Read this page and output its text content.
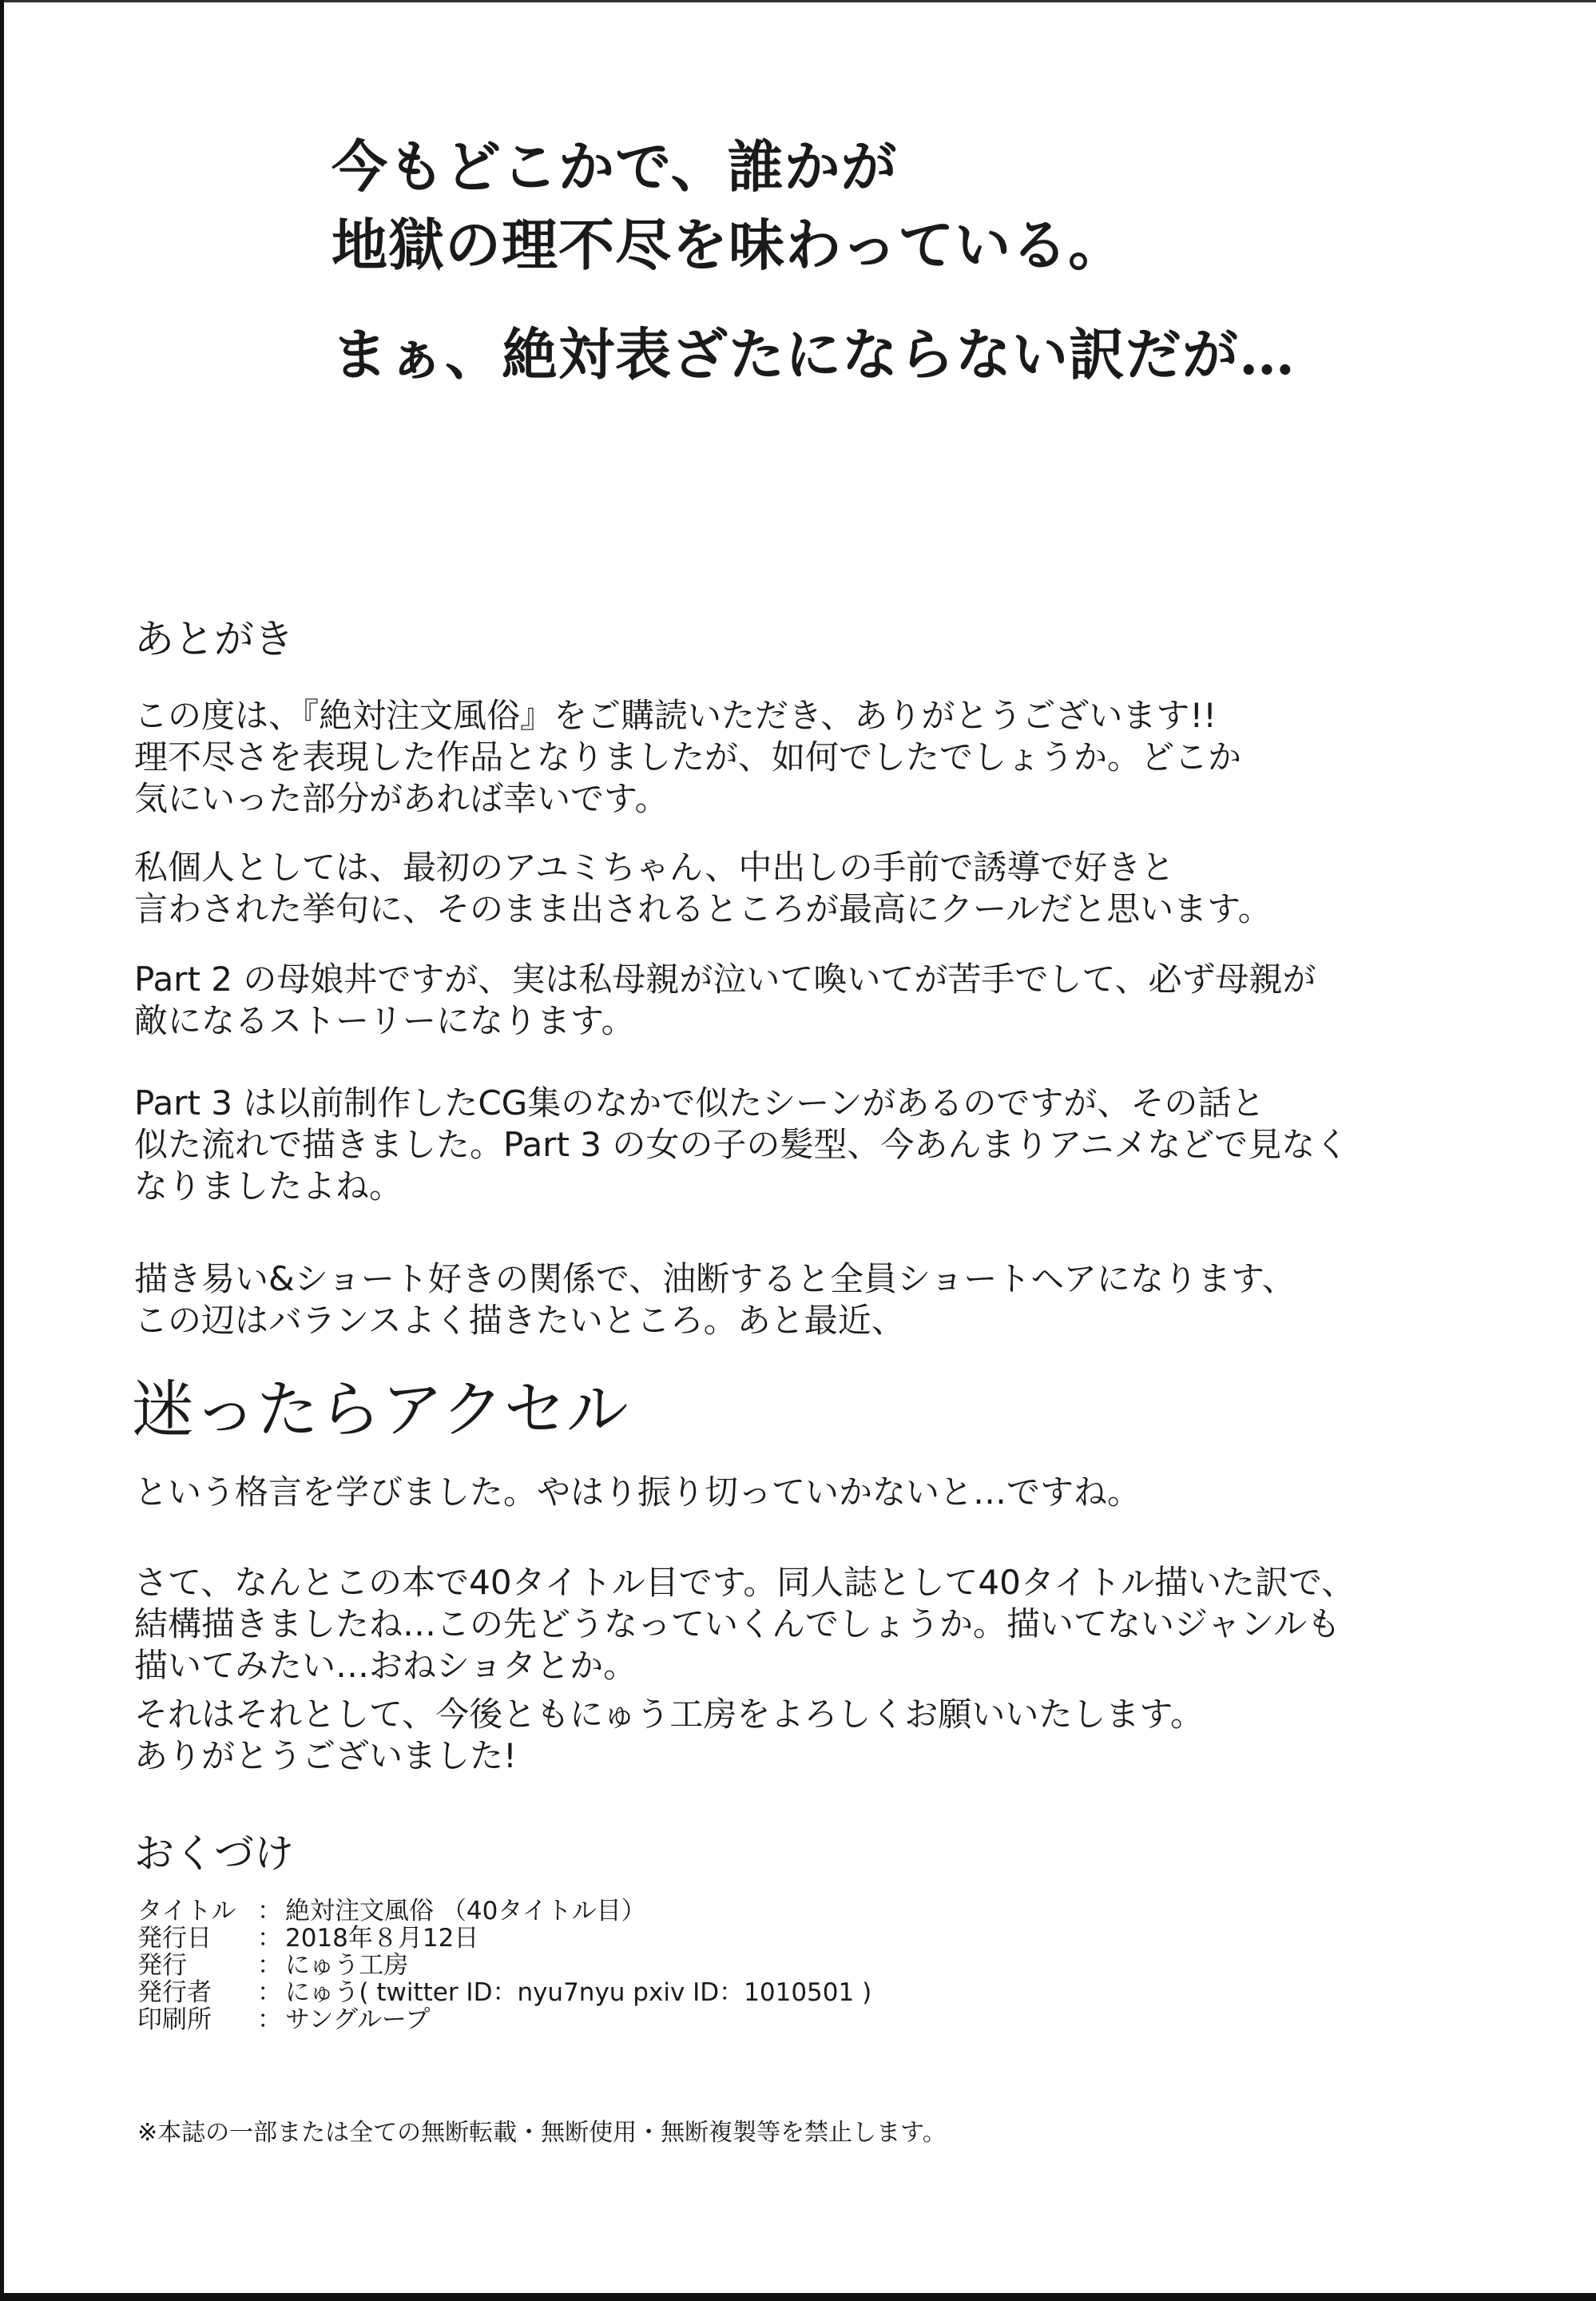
今もどこかで、誰かが
地獄の理不尽を味わっている。
まぁ、絶対表ざたにならない訳だが…
あとがき

この度は、『絶対注文風俗』をご購読いただき、ありがとうございます!!
理不尽さを表現した作品となりましたが、如何でしたでしょうか。どこか
気にいった部分があれば幸いです。

私個人としては、最初のアユミちゃん、中出しの手前で誘導で好きと
言わされた挙句に、そのまま出されるところが最高にクールだと思います。

Part 2 の母娘丼ですが、実は私母親が泣いて喚いてが苦手でして、必ず母親が
敵になるストーリーになります。

Part 3 は以前制作したCG集のなかで似たシーンがあるのですが、その話と
似た流れで描きました。Part 3 の女の子の髪型、今あんまりアニメなどで見なく
なりましたよね。

描き易い&ショート好きの関係で、油断すると全員ショートヘアになります、
この辺はバランスよく描きたいところ。あと最近、

迷ったらアクセル

という格言を学びました。やはり振り切っていかないと…ですね。

さて、なんとこの本で40タイトル目です。同人誌として40タイトル描いた訳で、
結構描きましたね…この先どうなっていくんでしょうか。描いてないジャンルも
描いてみたい…おねショタとか。

それはそれとして、今後ともにゅう工房をよろしくお願いいたします。
ありがとうございました!

おくづけ
タイトル ： 絶対注文風俗 （40タイトル目）
発行日	： 2018年８月12日
発行	： にゅう工房
発行者	： にゅう( twitter ID：nyu7nyu pxiv ID：1010501 )
印刷所	： サングループ

※本誌の一部または全ての無断転載・無断使用・無断複製等を禁止します。
